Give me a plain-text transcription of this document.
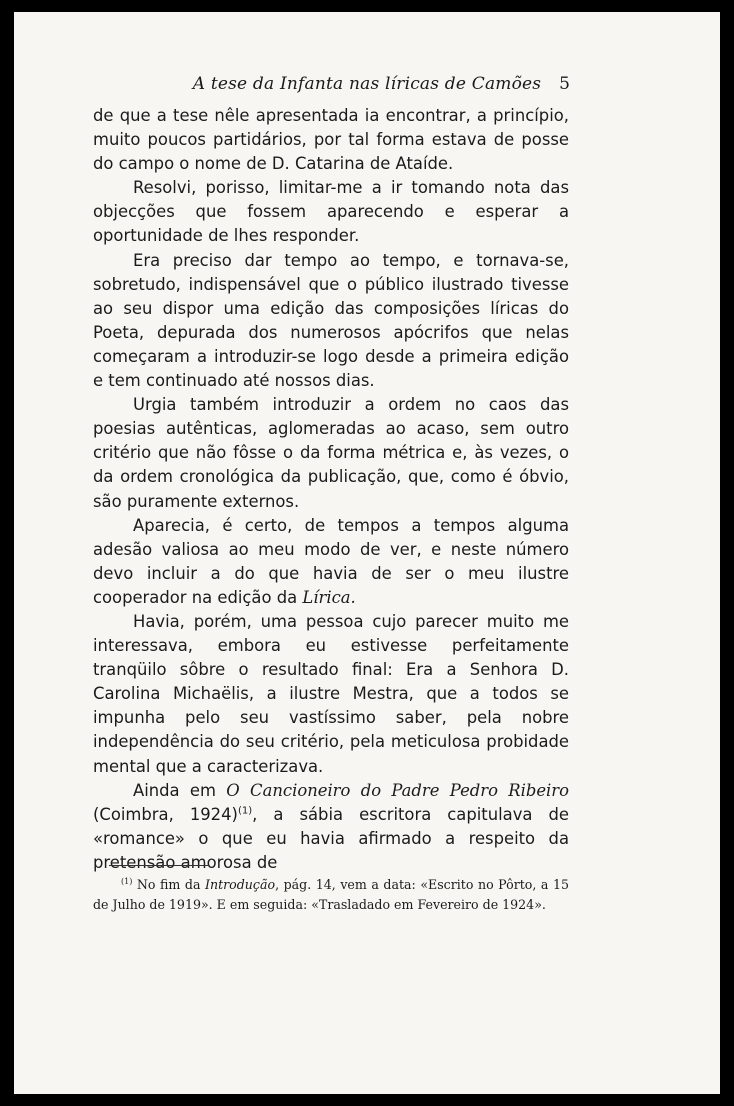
A tese da Infanta nas líricas de Camões	5

de que a tese nêle apresentada ia encontrar, a princípio, muito poucos partidários, por tal forma estava de posse do campo o nome de D. Catarina de Ataíde.

Resolvi, porisso, limitar-me a ir tomando nota das objecções que fossem aparecendo e esperar a oportunidade de lhes responder.

Era preciso dar tempo ao tempo, e tornava-se, sobretudo, indispensável que o público ilustrado tivesse ao seu dispor uma edição das composições líricas do Poeta, depurada dos numerosos apócrifos que nelas começaram a introduzir-se logo desde a primeira edição e tem continuado até nossos dias.

Urgia também introduzir a ordem no caos das poesias autênticas, aglomeradas ao acaso, sem outro critério que não fôsse o da forma métrica e, às vezes, o da ordem cronológica da publicação, que, como é óbvio, são puramente externos.

Aparecia, é certo, de tempos a tempos alguma adesão valiosa ao meu modo de ver, e neste número devo incluir a do que havia de ser o meu ilustre cooperador na edição da Lírica.

Havia, porém, uma pessoa cujo parecer muito me interessava, embora eu estivesse perfeitamente tranqüilo sôbre o resultado final: Era a Senhora D. Carolina Michaëlis, a ilustre Mestra, que a todos se impunha pelo seu vastíssimo saber, pela nobre independência do seu critério, pela meticulosa probidade mental que a caracterizava.

Ainda em O Cancioneiro do Padre Pedro Ribeiro (Coimbra, 1924)$^{(1)}$, a sábia escritora capitulava de «romance» o que eu havia afirmado a respeito da pretensão amorosa de

$^{(1)}$ No fim da Introdução, pág. 14, vem a data: «Escrito no Pôrto, a 15 de Julho de 1919». E em seguida: «Trasladado em Fevereiro de 1924».
